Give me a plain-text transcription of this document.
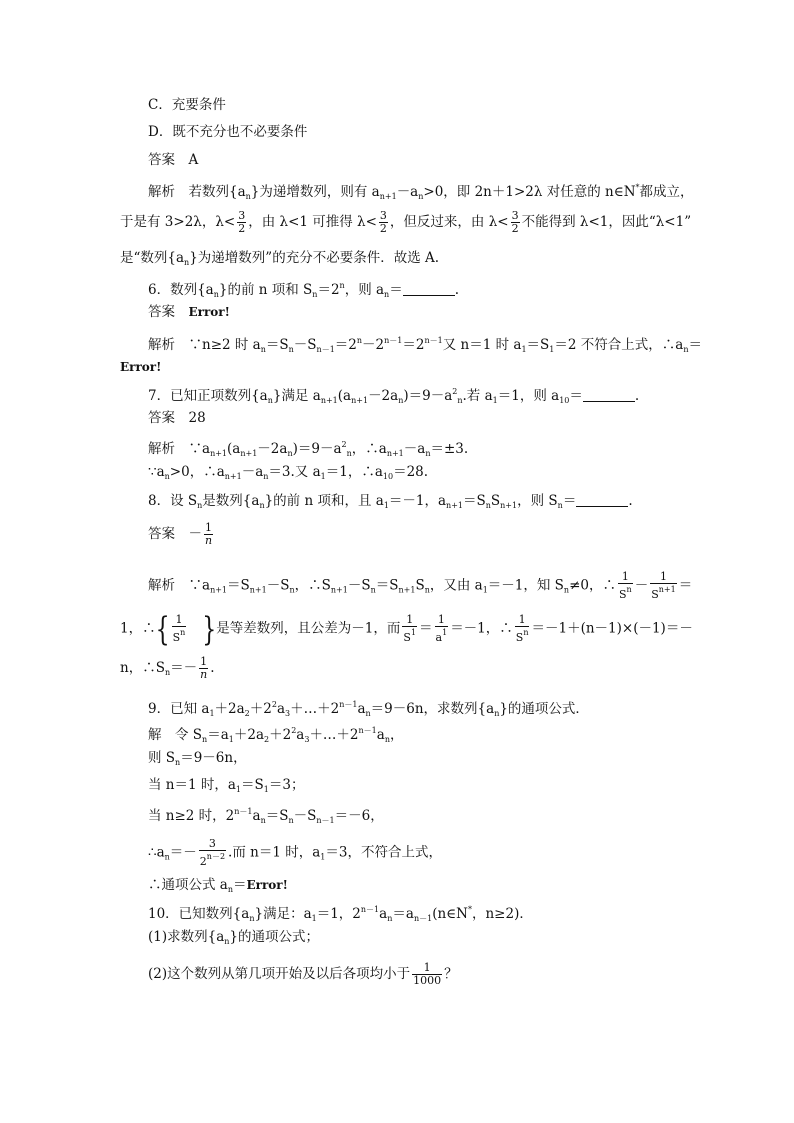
C．充要条件
D．既不充分也不必要条件
答案　 A
解析　 若数列$\{a_n\}$为递增数列，则有 $a_{n+1}-a_n>0$，即 2n＋1>2λ 对任意的 n∈N*都成立，
于是有 3>2λ，$\lambda< \frac{3}{2}$ ，由 λ<1 可推得 $\lambda< \frac{3}{2}$ ，但反过来，由 $\lambda< \frac{3}{2}$ 不能得到 λ<1，因此“λ<1”
是“数列$\{a_n\}$为递增数列”的充分不必要条件．故选 A.
6．数列$\{a_n\}$的前 n 项和 $S_n=2^n$，则 $a_n=$	.
答案　 Error!
解析　 ∵n≥2 时 $a_n=S_n-S_{n-1}=2^n-2^{n-1}=2^{n-1}$又 n＝1 时 $a_1=S_1=2$ 不符合上式，$\therefore a_n=$
Error!
7．已知正项数列$\{a_n\}$满足 $a_{n+1}(a_{n+1}-2a_n)=9-a^2_n$.若 $a_1=1$，则 $a_{10}=$	.
答案　 28
解析　 $\because a_{n+1}(a_{n+1}-2a_n)=9-a^2_n$，$\therefore a_{n+1}-a_n=\pm 3$.
$\because a_n>0$，$\therefore a_{n+1}-a_n=3$.又 $a_1=1$，$\therefore a_{10}=28$.
8．设 $S_n$是数列$\{a_n\}$的前 n 项和，且 $a_1=-1$，$a_{n+1}=S_nS_{n+1}$，则 $S_n=$	.
答案　 － $\frac{1}{n}$
解析　 $\because a_{n+1}=S_{n+1}-S_n$，$\therefore S_{n+1}-S_n=S_{n+1}S_n$，又由 $a_1=-1$，知 $S_n\ne 0$，∴ $\frac{1}{S^n} - \frac{1}{S^{n+1}}$ ＝
1，∴{ $\frac{1}{S^n}$ }是等差数列，且公差为－1，而 $\frac{1}{S^1} = \frac{1}{a^1} =-1$，∴ $\frac{1}{S^n} =-1+(n-1)\times(-1)=-$
n，$\therefore S_n=- \frac{1}{n}$ .
9．已知 $a_1+2a_2+2^2a_3+\dots+2^{n-1}a_n=9-6n$，求数列$\{a_n\}$的通项公式．
解　令 $S_n=a_1+2a_2+2^2a_3+\dots+2^{n-1}a_n$，
则 $S_n=9-6n$，
当 n＝1 时，$a_1=S_1=3$；
当 n≥2 时，$2^{n-1}a_n=S_n-S_{n-1}=-6$，
$\therefore a_n=- \frac{3}{2^{n-2}}$ .而 n＝1 时，$a_1=3$，不符合上式，
∴通项公式 $a_n=Error$!
10．已知数列$\{a_n\}$满足：$a_1=1$，$2^{n-1}a_n=a_{n-1}(n\in N^*$，n≥2)．
(1)求数列$\{a_n\}$的通项公式；
(2)这个数列从第几项开始及以后各项均小于 $\frac{1}{1000}$ ？
